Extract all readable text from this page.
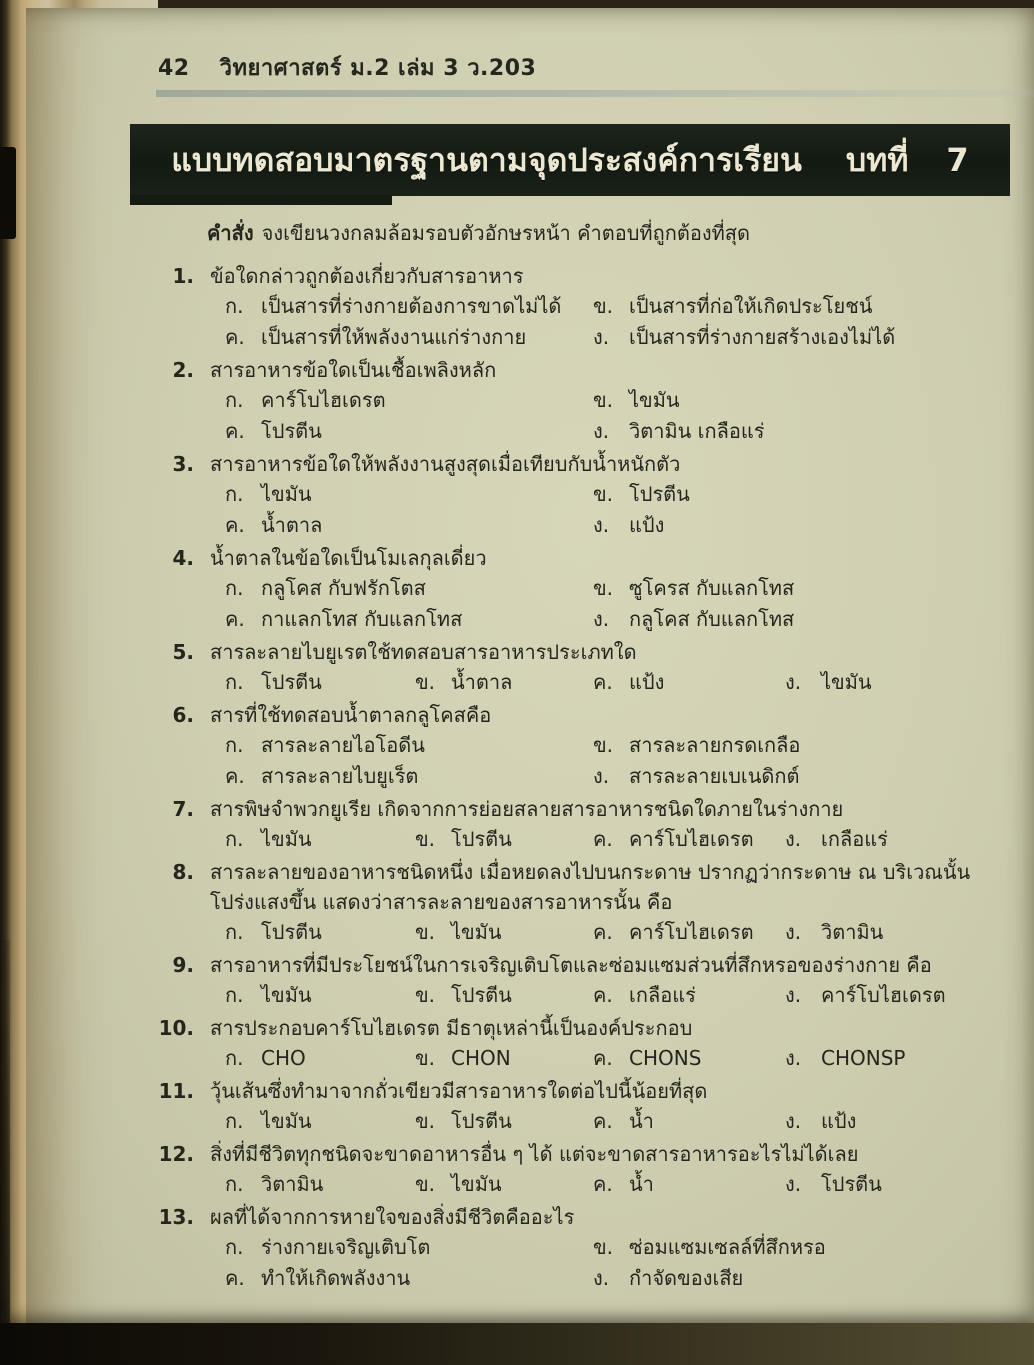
42 วิทยาศาสตร์ ม.2 เล่ม 3 ว.203
แบบทดสอบมาตรฐานตามจุดประสงค์การเรียน บทที่ 7
คำสั่ง จงเขียนวงกลมล้อมรอบตัวอักษรหน้า คำตอบที่ถูกต้องที่สุด
1. ข้อใดกล่าวถูกต้องเกี่ยวกับสารอาหาร
ก. เป็นสารที่ร่างกายต้องการขาดไม่ได้ ข. เป็นสารที่ก่อให้เกิดประโยชน์
ค. เป็นสารที่ให้พลังงานแก่ร่างกาย	ง. เป็นสารที่ร่างกายสร้างเองไม่ได้
2. สารอาหารข้อใดเป็นเชื้อเพลิงหลัก
ก. คาร์โบไฮเดรต	ข. ไขมัน
ค. โปรตีน	ง. วิตามิน เกลือแร่
3. สารอาหารข้อใดให้พลังงานสูงสุดเมื่อเทียบกับน้ำหนักตัว
ก. ไขมัน	ข. โปรตีน
ค. น้ำตาล	ง. แป้ง
4. น้ำตาลในข้อใดเป็นโมเลกุลเดี่ยว
ก. กลูโคส กับฟรักโตส	ข. ซูโครส กับแลกโทส
ค. กาแลกโทส กับแลกโทส	ง. กลูโคส กับแลกโทส
5. สารละลายไบยูเรตใช้ทดสอบสารอาหารประเภทใด
ก. โปรตีน	ข. น้ำตาล	ค. แป้ง	ง. ไขมัน
6. สารที่ใช้ทดสอบน้ำตาลกลูโคสคือ
ก. สารละลายไอโอดีน	ข. สารละลายกรดเกลือ
ค. สารละลายไบยูเร็ต	ง. สารละลายเบเนดิกต์
7. สารพิษจำพวกยูเรีย เกิดจากการย่อยสลายสารอาหารชนิดใดภายในร่างกาย
ก. ไขมัน	ข. โปรตีน	ค. คาร์โบไฮเดรต ง. เกลือแร่
8. สารละลายของอาหารชนิดหนึ่ง เมื่อหยดลงไปบนกระดาษ ปรากฏว่ากระดาษ ณ บริเวณนั้นโปร่งแสงขึ้น แสดงว่าสารละลายของสารอาหารนั้น คือ
ก. โปรตีน	ข. ไขมัน	ค. คาร์โบไฮเดรต ง. วิตามิน
9. สารอาหารที่มีประโยชน์ในการเจริญเติบโตและซ่อมแซมส่วนที่สึกหรอของร่างกาย คือ
ก. ไขมัน	ข. โปรตีน	ค. เกลือแร่	ง. คาร์โบไฮเดรต
10. สารประกอบคาร์โบไฮเดรต มีธาตุเหล่านี้เป็นองค์ประกอบ
ก. CHO	ข. CHON	ค. CHONS	ง. CHONSP
11. วุ้นเส้นซึ่งทำมาจากถั่วเขียวมีสารอาหารใดต่อไปนี้น้อยที่สุด
ก. ไขมัน	ข. โปรตีน	ค. น้ำ	ง. แป้ง
12. สิ่งที่มีชีวิตทุกชนิดจะขาดอาหารอื่น ๆ ได้ แต่จะขาดสารอาหารอะไรไม่ได้เลย
ก. วิตามิน	ข. ไขมัน	ค. น้ำ	ง. โปรตีน
13. ผลที่ได้จากการหายใจของสิ่งมีชีวิตคืออะไร
ก. ร่างกายเจริญเติบโต	ข. ซ่อมแซมเซลล์ที่สึกหรอ
ค. ทำให้เกิดพลังงาน	ง. กำจัดของเสีย
